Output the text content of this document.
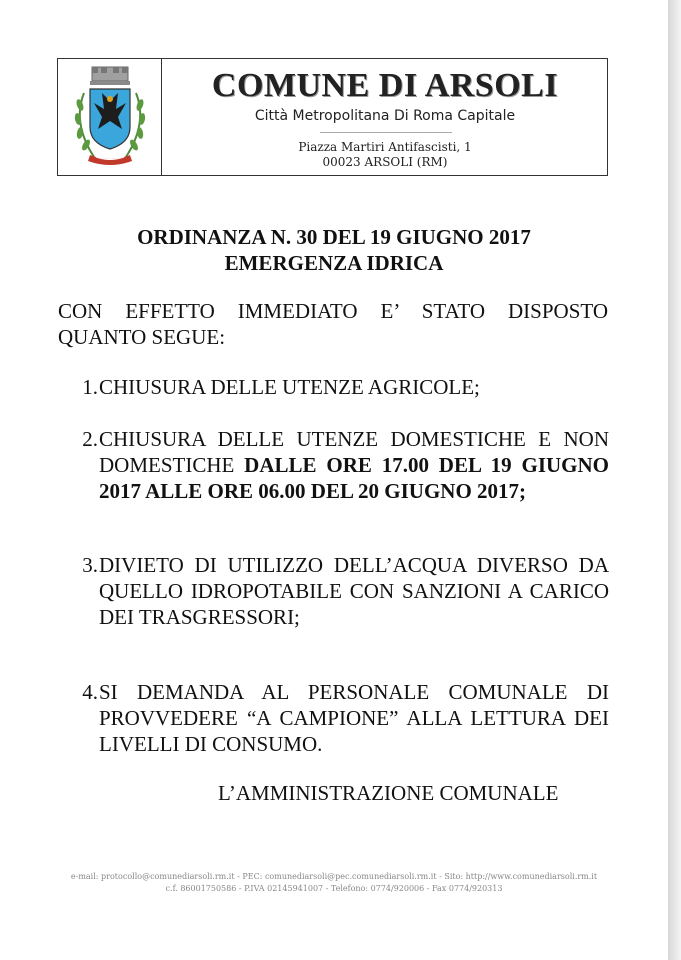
COMUNE DI ARSOLI
Città Metropolitana Di Roma Capitale
Piazza Martiri Antifascisti, 1
00023 ARSOLI (RM)
ORDINANZA N. 30 DEL 19 GIUGNO 2017
EMERGENZA IDRICA
CON EFFETTO IMMEDIATO E’ STATO DISPOSTO QUANTO SEGUE:
1. CHIUSURA DELLE UTENZE AGRICOLE;
2. CHIUSURA DELLE UTENZE DOMESTICHE E NON DOMESTICHE DALLE ORE 17.00 DEL 19 GIUGNO 2017 ALLE ORE 06.00 DEL 20 GIUGNO 2017;
3. DIVIETO DI UTILIZZO DELL’ACQUA DIVERSO DA QUELLO IDROPOTABILE CON SANZIONI A CARICO DEI TRASGRESSORI;
4. SI DEMANDA AL PERSONALE COMUNALE DI PROVVEDERE “A CAMPIONE” ALLA LETTURA DEI LIVELLI DI CONSUMO.
L’AMMINISTRAZIONE COMUNALE
e-mail: protocollo@comunediarsoli.rm.it - PEC: comunediarsoli@pec.comunediarsoli.rm.it - Sito: http://www.comunediarsoli.rm.it
c.f. 86001750586 - P.IVA 02145941007 - Telefono: 0774/920006 - Fax 0774/920313
